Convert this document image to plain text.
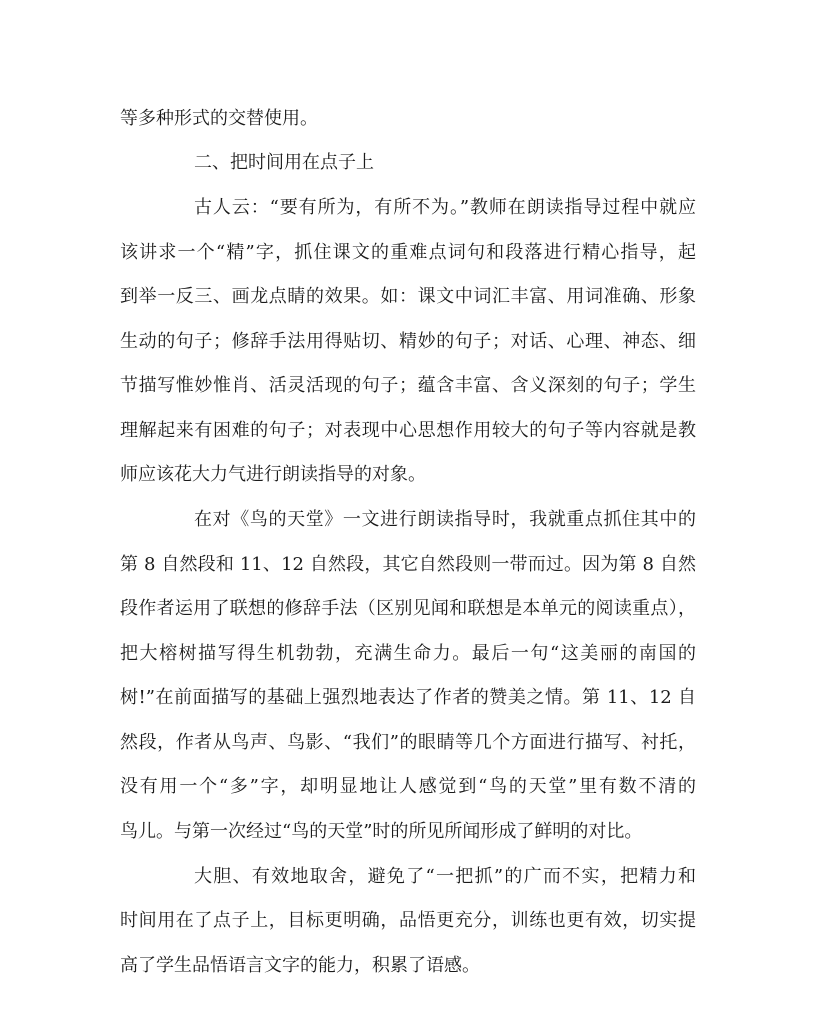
等多种形式的交替使用。
二、把时间用在点子上
古人云：“要有所为，有所不为。”教师在朗读指导过程中就应
该讲求一个“精”字，抓住课文的重难点词句和段落进行精心指导，起
到举一反三、画龙点睛的效果。如：课文中词汇丰富、用词准确、形象
生动的句子；修辞手法用得贴切、精妙的句子；对话、心理、神态、细
节描写惟妙惟肖、活灵活现的句子；蕴含丰富、含义深刻的句子；学生
理解起来有困难的句子；对表现中心思想作用较大的句子等内容就是教
师应该花大力气进行朗读指导的对象。
在对《鸟的天堂》一文进行朗读指导时，我就重点抓住其中的
第 8 自然段和 11、12 自然段，其它自然段则一带而过。因为第 8 自然
段作者运用了联想的修辞手法（区别见闻和联想是本单元的阅读重点），
把大榕树描写得生机勃勃，充满生命力。最后一句“这美丽的南国的
树!”在前面描写的基础上强烈地表达了作者的赞美之情。第 11、12 自
然段，作者从鸟声、鸟影、“我们”的眼睛等几个方面进行描写、衬托，
没有用一个“多”字，却明显地让人感觉到“鸟的天堂”里有数不清的
鸟儿。与第一次经过“鸟的天堂”时的所见所闻形成了鲜明的对比。
大胆、有效地取舍，避免了“一把抓”的广而不实，把精力和
时间用在了点子上，目标更明确，品悟更充分，训练也更有效，切实提
高了学生品悟语言文字的能力，积累了语感。
